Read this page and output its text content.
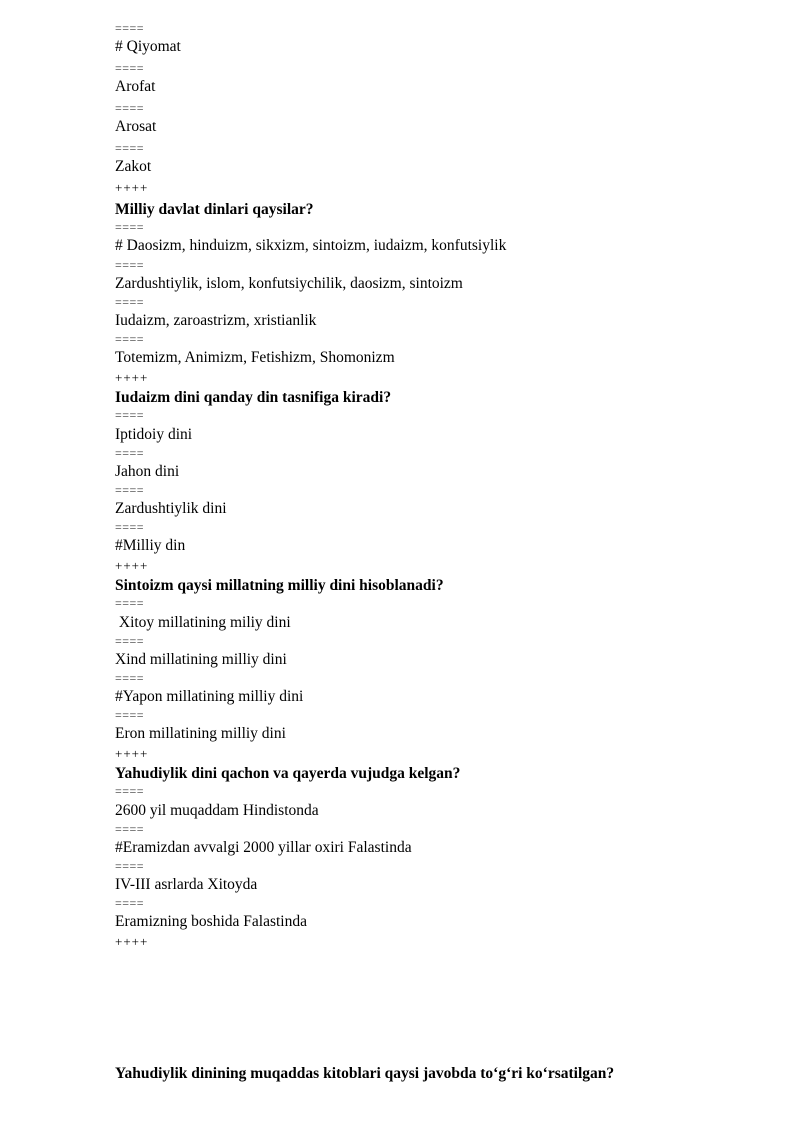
====
# Qiyomat
====
Arofat
====
Arosat
====
Zakot
++++
Milliy davlat dinlari qaysilar?
====
# Daosizm, hinduizm, sikxizm, sintoizm, iudaizm, konfutsiylik
====
Zardushtiylik, islom, konfutsiychilik, daosizm, sintoizm
====
Iudaizm, zaroastrizm, xristianlik
====
Totemizm, Animizm, Fetishizm, Shomonizm
++++
Iudaizm dini qanday din tasnifiga kiradi?
====
Iptidoiy dini
====
Jahon dini
====
Zardushtiylik dini
====
#Milliy din
++++
Sintoizm qaysi millatning milliy dini hisoblanadi?
====
Xitoy millatining miliy dini
====
Xind millatining milliy dini
====
#Yapon millatining milliy dini
====
Eron millatining milliy dini
++++
Yahudiylik dini qachon va qayerda vujudga kelgan?
====
2600 yil muqaddam Hindistonda
====
#Eramizdan avvalgi 2000 yillar oxiri Falastinda
====
IV-III asrlarda Xitoyda
====
Eramizning boshida Falastinda
++++
Yahudiylik dinining muqaddas kitoblari qaysi javobda to‘g‘ri ko‘rsatilgan?
